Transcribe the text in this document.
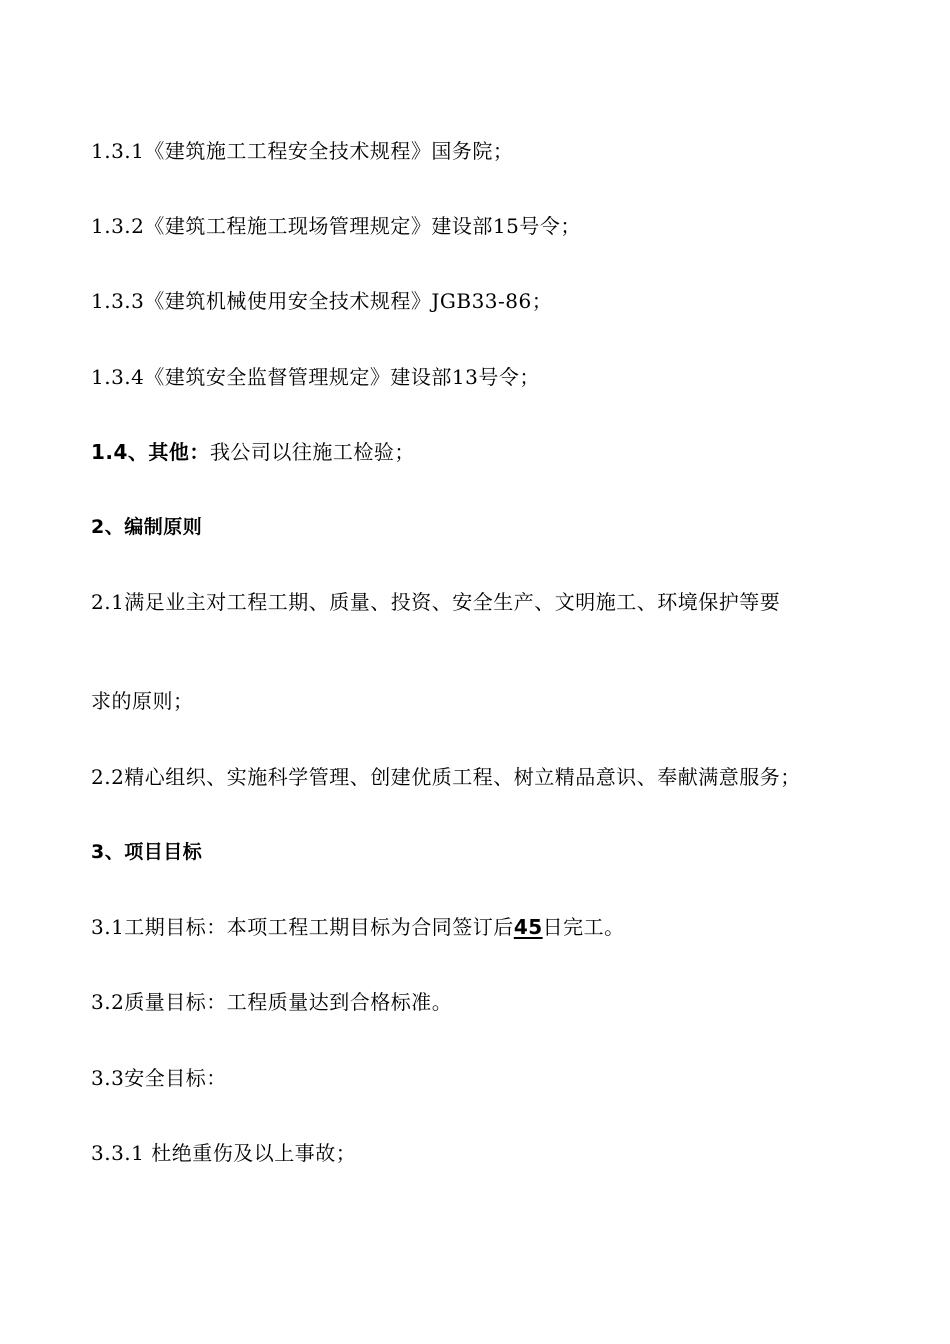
1.3.1《建筑施工工程安全技术规程》国务院；
1.3.2《建筑工程施工现场管理规定》建设部15号令；
1.3.3《建筑机械使用安全技术规程》JGB33-86；
1.3.4《建筑安全监督管理规定》建设部13号令；
1.4、其他：我公司以往施工检验；
2、编制原则
2.1满足业主对工程工期、质量、投资、安全生产、文明施工、环境保护等要
求的原则；
2.2精心组织、实施科学管理、创建优质工程、树立精品意识、奉献满意服务；
3、项目目标
3.1工期目标：本项工程工期目标为合同签订后45日完工。
3.2质量目标：工程质量达到合格标准。
3.3安全目标：
3.3.1 杜绝重伤及以上事故；
